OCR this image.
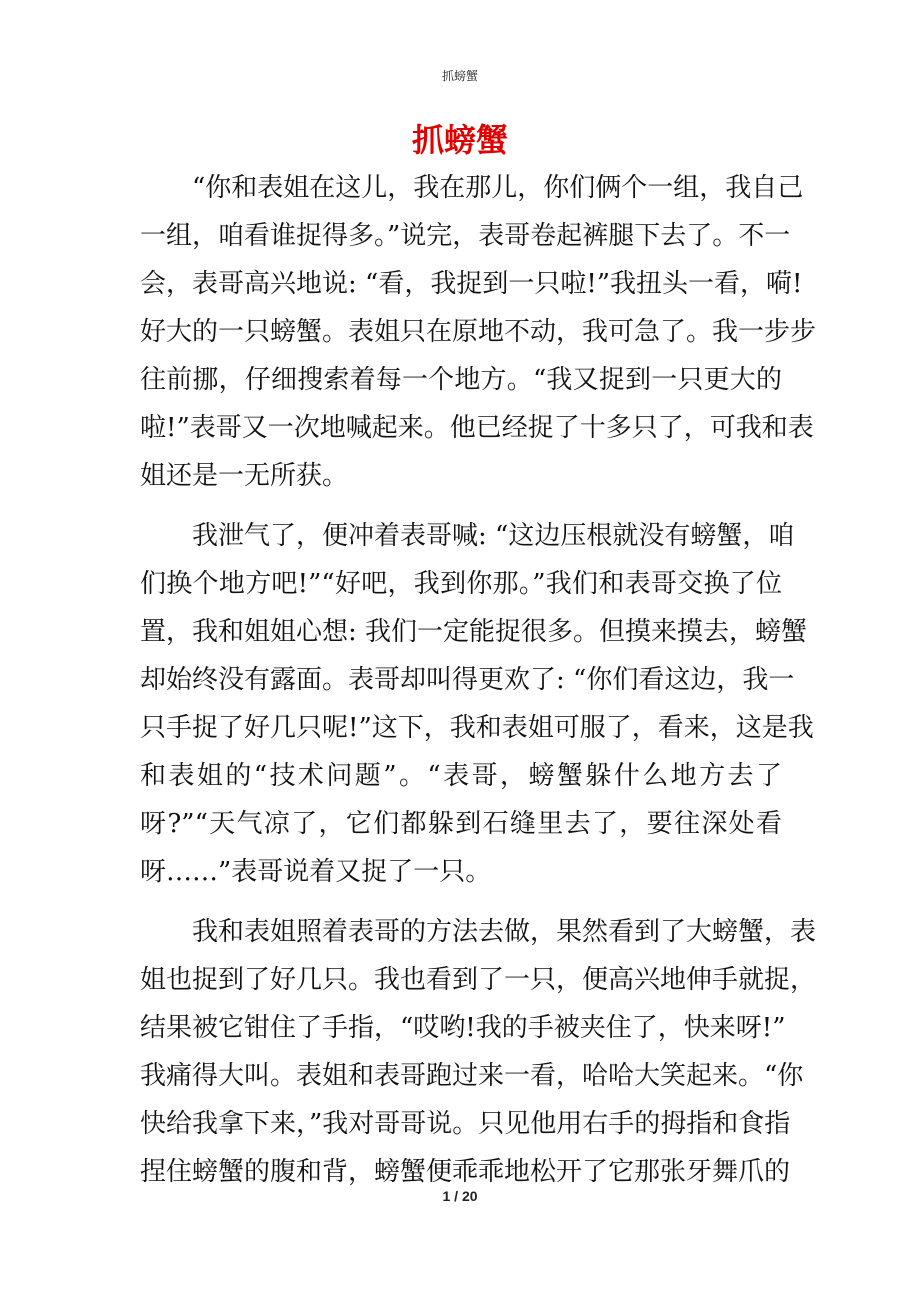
抓螃蟹
抓螃蟹
“你和表姐在这儿，我在那儿，你们俩个一组，我自己
一组，咱看谁捉得多。”说完，表哥卷起裤腿下去了。不一
会，表哥高兴地说: “看，我捉到一只啦!”我扭头一看，嗬!
好大的一只螃蟹。表姐只在原地不动，我可急了。我一步步
往前挪，仔细搜索着每一个地方。“我又捉到一只更大的
啦!”表哥又一次地喊起来。他已经捉了十多只了，可我和表
姐还是一无所获。
我泄气了，便冲着表哥喊: “这边压根就没有螃蟹，咱
们换个地方吧!”“好吧，我到你那。”我们和表哥交换了位
置，我和姐姐心想: 我们一定能捉很多。但摸来摸去，螃蟹
却始终没有露面。表哥却叫得更欢了: “你们看这边，我一
只手捉了好几只呢!”这下，我和表姐可服了，看来，这是我
和表姐的“技术问题”。“表哥，螃蟹躲什么地方去了
呀?”“天气凉了，它们都躲到石缝里去了，要往深处看
呀……”表哥说着又捉了一只。
我和表姐照着表哥的方法去做，果然看到了大螃蟹，表
姐也捉到了好几只。我也看到了一只，便高兴地伸手就捉，
结果被它钳住了手指，“哎哟!我的手被夹住了，快来呀!”
我痛得大叫。表姐和表哥跑过来一看，哈哈大笑起来。“你
快给我拿下来，”我对哥哥说。只见他用右手的拇指和食指
捏住螃蟹的腹和背，螃蟹便乖乖地松开了它那张牙舞爪的
1 / 20
